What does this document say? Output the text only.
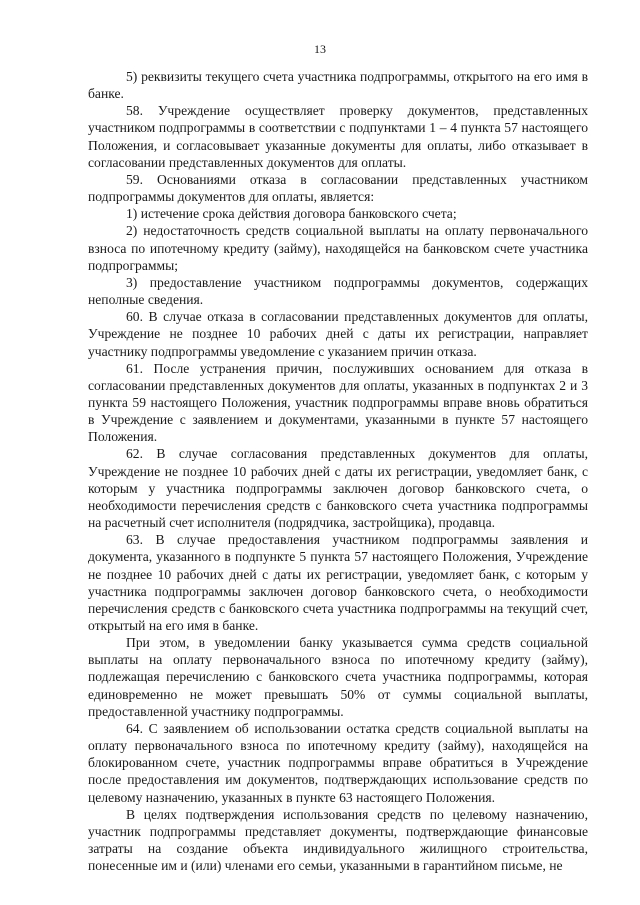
13

5) реквизиты текущего счета участника подпрограммы, открытого на его имя в банке.

58. Учреждение осуществляет проверку документов, представленных участником подпрограммы в соответствии с подпунктами 1 – 4 пункта 57 настоящего Положения, и согласовывает указанные документы для оплаты, либо отказывает в согласовании представленных документов для оплаты.

59. Основаниями отказа в согласовании представленных участником подпрограммы документов для оплаты, является:

1) истечение срока действия договора банковского счета;

2) недостаточность средств социальной выплаты на оплату первоначального взноса по ипотечному кредиту (займу), находящейся на банковском счете участника подпрограммы;

3) предоставление участником подпрограммы документов, содержащих неполные сведения.

60. В случае отказа в согласовании представленных документов для оплаты, Учреждение не позднее 10 рабочих дней с даты их регистрации, направляет участнику подпрограммы уведомление с указанием причин отказа.

61. После устранения причин, послуживших основанием для отказа в согласовании представленных документов для оплаты, указанных в подпунктах 2 и 3 пункта 59 настоящего Положения, участник подпрограммы вправе вновь обратиться в Учреждение с заявлением и документами, указанными в пункте 57 настоящего Положения.

62. В случае согласования представленных документов для оплаты, Учреждение не позднее 10 рабочих дней с даты их регистрации, уведомляет банк, с которым у участника подпрограммы заключен договор банковского счета, о необходимости перечисления средств с банковского счета участника подпрограммы на расчетный счет исполнителя (подрядчика, застройщика), продавца.

63. В случае предоставления участником подпрограммы заявления и документа, указанного в подпункте 5 пункта 57 настоящего Положения, Учреждение не позднее 10 рабочих дней с даты их регистрации, уведомляет банк, с которым у участника подпрограммы заключен договор банковского счета, о необходимости перечисления средств с банковского счета участника подпрограммы на текущий счет, открытый на его имя в банке.

При этом, в уведомлении банку указывается сумма средств социальной выплаты на оплату первоначального взноса по ипотечному кредиту (займу), подлежащая перечислению с банковского счета участника подпрограммы, которая единовременно не может превышать 50% от суммы социальной выплаты, предоставленной участнику подпрограммы.

64. С заявлением об использовании остатка средств социальной выплаты на оплату первоначального взноса по ипотечному кредиту (займу), находящейся на блокированном счете, участник подпрограммы вправе обратиться в Учреждение после предоставления им документов, подтверждающих использование средств по целевому назначению, указанных в пункте 63 настоящего Положения.

В целях подтверждения использования средств по целевому назначению, участник подпрограммы представляет документы, подтверждающие финансовые затраты на создание объекта индивидуального жилищного строительства, понесенные им и (или) членами его семьи, указанными в гарантийном письме, не
